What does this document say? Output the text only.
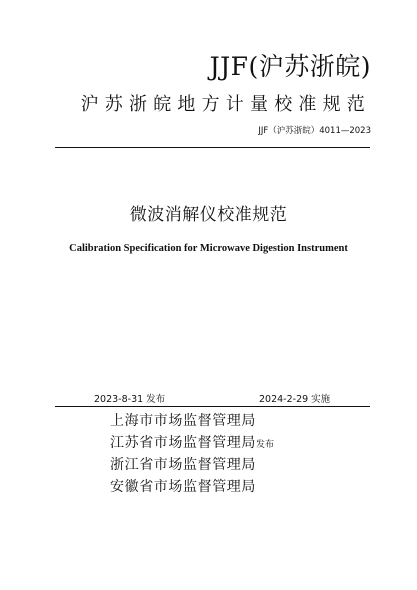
JJF(沪苏浙皖)
沪苏浙皖地方计量校准规范
JJF（沪苏浙皖）4011—2023
微波消解仪校准规范
Calibration Specification for Microwave Digestion Instrument
2023-8-31 发布	2024-2-29 实施
上海市市场监督管理局
江苏省市场监督管理局发布
浙江省市场监督管理局
安徽省市场监督管理局
